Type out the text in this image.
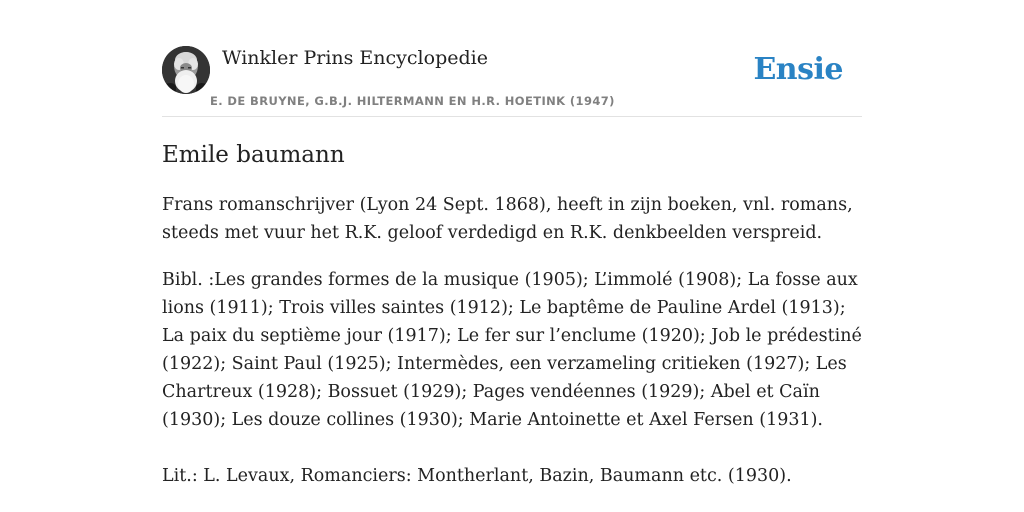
Winkler Prins Encyclopedie
E. DE BRUYNE, G.B.J. HILTERMANN EN H.R. HOETINK (1947)
Ensie
Emile baumann

Frans romanschrijver (Lyon 24 Sept. 1868), heeft in zijn boeken, vnl. romans, steeds met vuur het R.K. geloof verdedigd en R.K. denkbeelden verspreid.

Bibl. :Les grandes formes de la musique (1905); L’immolé (1908); La fosse aux lions (1911); Trois villes saintes (1912); Le baptême de Pauline Ardel (1913); La paix du septième jour (1917); Le fer sur l’enclume (1920); Job le prédestiné (1922); Saint Paul (1925); Intermèdes, een verzameling critieken (1927); Les Chartreux (1928); Bossuet (1929); Pages vendéennes (1929); Abel et Caïn (1930); Les douze collines (1930); Marie Antoinette et Axel Fersen (1931).

Lit.: L. Levaux, Romanciers: Montherlant, Bazin, Baumann etc. (1930).
